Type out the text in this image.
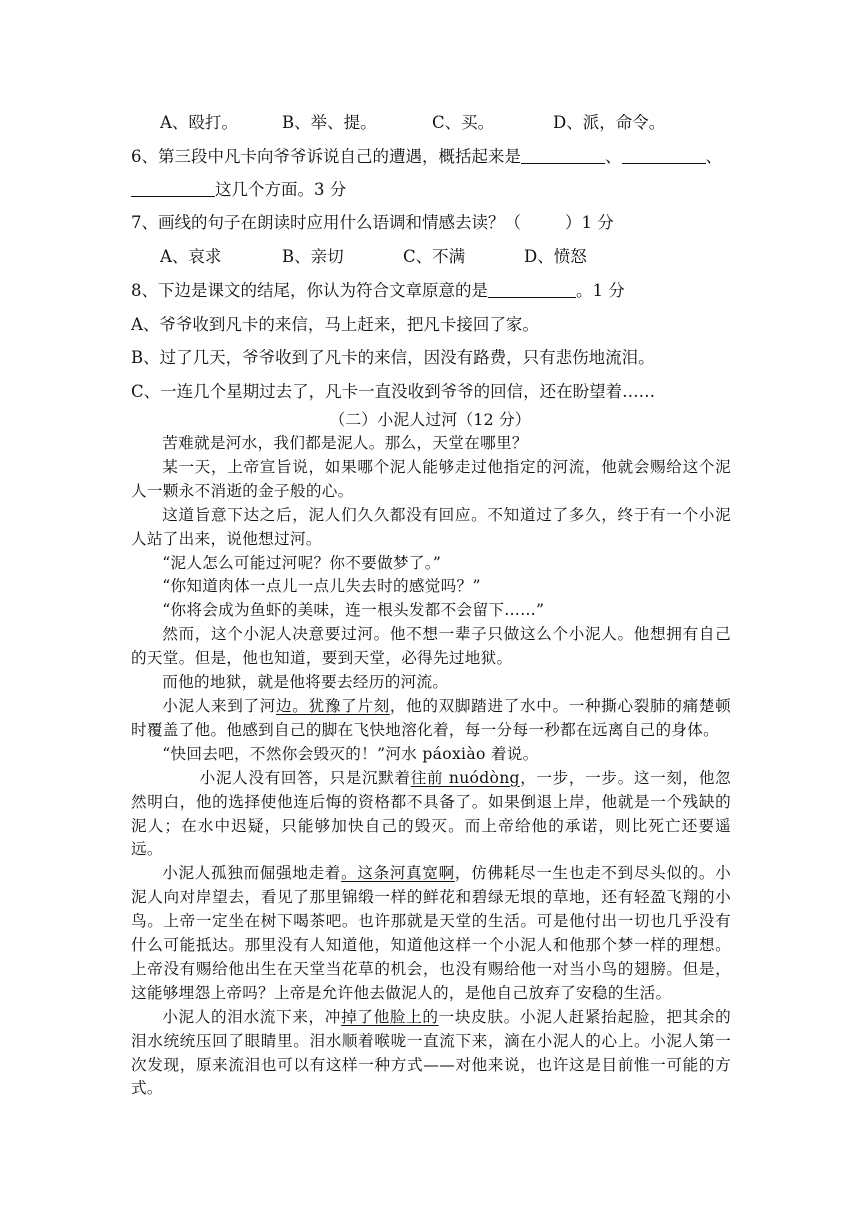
A、殴打。	B、举、提。	C、买。	D、派，命令。
6、第三段中凡卡向爷爷诉说自己的遭遇，概括起来是	、	、
这几个方面。3 分
7、画线的句子在朗读时应用什么语调和情感去读？（	）1 分
A、哀求	B、亲切	C、不满	D、愤怒
8、下边是课文的结尾，你认为符合文章原意的是	。1 分
A、爷爷收到凡卡的来信，马上赶来，把凡卡接回了家。
B、过了几天，爷爷收到了凡卡的来信，因没有路费，只有悲伤地流泪。
C、一连几个星期过去了，凡卡一直没收到爷爷的回信，还在盼望着……
（二）小泥人过河（12 分）

苦难就是河水，我们都是泥人。那么，天堂在哪里？

某一天，上帝宣旨说，如果哪个泥人能够走过他指定的河流，他就会赐给这个泥人一颗永不消逝的金子般的心。

这道旨意下达之后，泥人们久久都没有回应。不知道过了多久，终于有一个小泥人站了出来，说他想过河。

“泥人怎么可能过河呢？你不要做梦了。”

“你知道肉体一点儿一点儿失去时的感觉吗？”

“你将会成为鱼虾的美味，连一根头发都不会留下……”

然而，这个小泥人决意要过河。他不想一辈子只做这么个小泥人。他想拥有自己的天堂。但是，他也知道，要到天堂，必得先过地狱。

而他的地狱，就是他将要去经历的河流。

小泥人来到了河边。犹豫了片刻，他的双脚踏进了水中。一种撕心裂肺的痛楚顿时覆盖了他。他感到自己的脚在飞快地溶化着，每一分每一秒都在远离自己的身体。

“快回去吧，不然你会毁灭的！”河水 páoxiào 着说。

小泥人没有回答，只是沉默着往前 nuódòng，一步，一步。这一刻，他忽然明白，他的选择使他连后悔的资格都不具备了。如果倒退上岸，他就是一个残缺的泥人；在水中迟疑，只能够加快自己的毁灭。而上帝给他的承诺，则比死亡还要遥远。

小泥人孤独而倔强地走着。这条河真宽啊，仿佛耗尽一生也走不到尽头似的。小泥人向对岸望去，看见了那里锦缎一样的鲜花和碧绿无垠的草地，还有轻盈飞翔的小鸟。上帝一定坐在树下喝茶吧。也许那就是天堂的生活。可是他付出一切也几乎没有什么可能抵达。那里没有人知道他，知道他这样一个小泥人和他那个梦一样的理想。上帝没有赐给他出生在天堂当花草的机会，也没有赐给他一对当小鸟的翅膀。但是，这能够埋怨上帝吗？上帝是允许他去做泥人的，是他自己放弃了安稳的生活。

小泥人的泪水流下来，冲掉了他脸上的一块皮肤。小泥人赶紧抬起脸，把其余的泪水统统压回了眼睛里。泪水顺着喉咙一直流下来，滴在小泥人的心上。小泥人第一次发现，原来流泪也可以有这样一种方式——对他来说，也许这是目前惟一可能的方式。
